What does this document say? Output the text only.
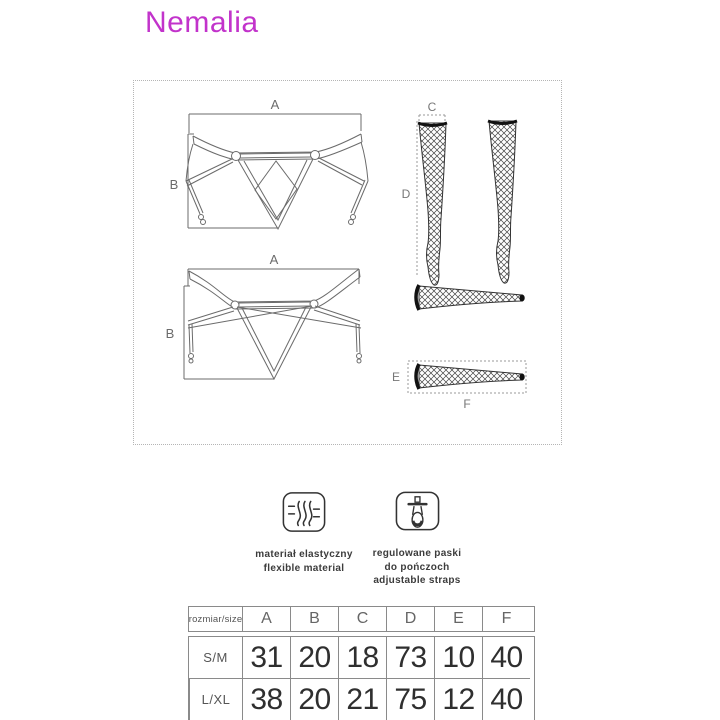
Nemalia
A
B
A
B
C
D
E
F
materiał elastyczny
flexible material
regulowane paski
do pończoch
adjustable straps
rozmiar/size	A	B	C	D	E	F
S/M 31 20 18 73 10 40
L/XL 38 20 21 75 12 40
